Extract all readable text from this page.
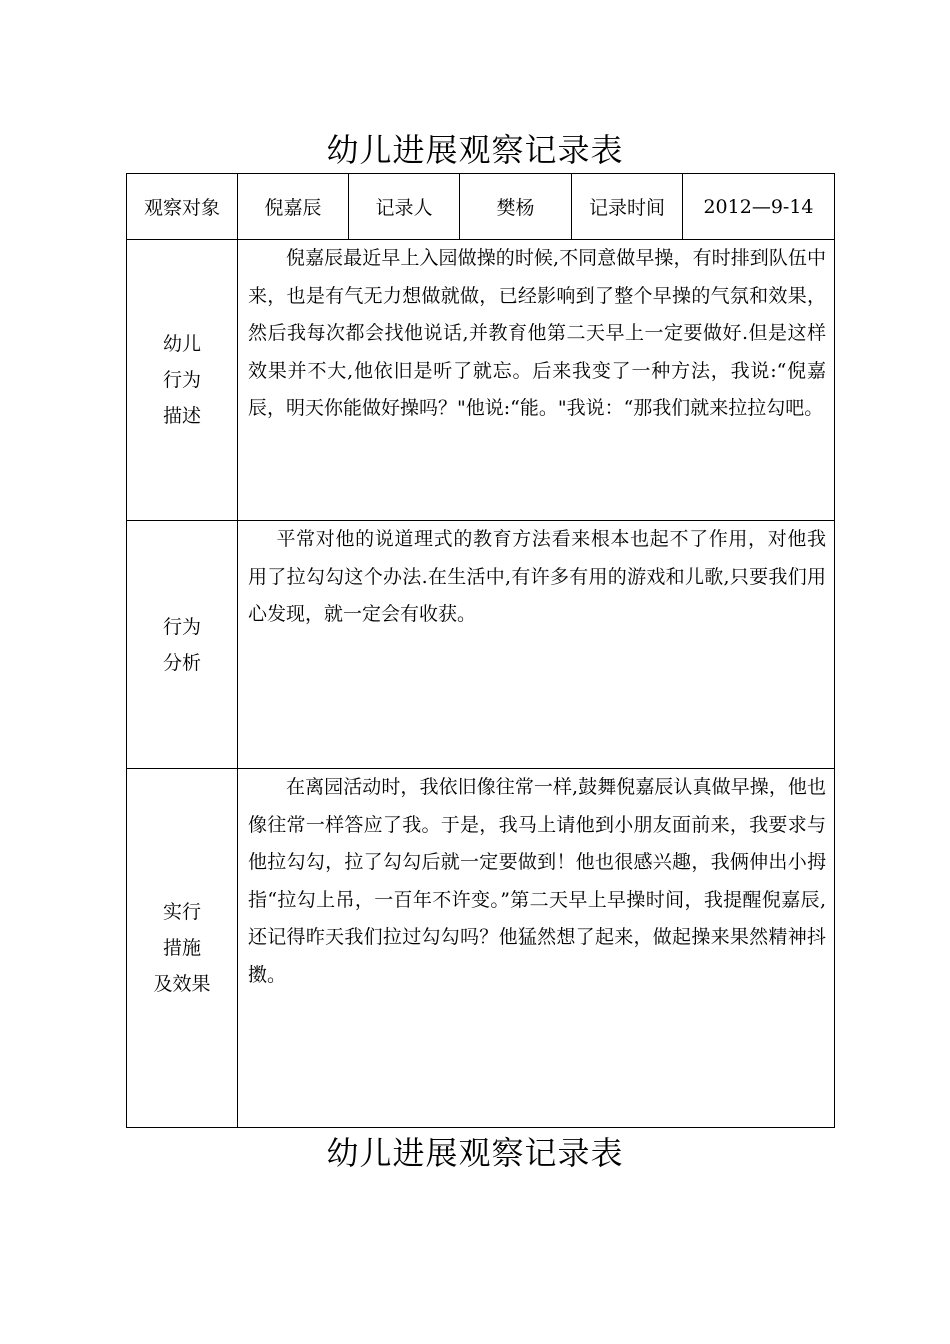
幼儿进展观察记录表
观察对象	倪嘉辰	记录人	樊杨	记录时间	2012—9-14

幼儿
行为
描述	倪嘉辰最近早上入园做操的时候,不同意做早操，有时排到队伍中来，也是有气无力想做就做，已经影响到了整个早操的气氛和效果，然后我每次都会找他说话,并教育他第二天早上一定要做好.但是这样效果并不大,他依旧是听了就忘。后来我变了一种方法，我说:“倪嘉辰，明天你能做好操吗？"他说:“能。"我说：“那我们就来拉拉勾吧。				

行为
分析	平常对他的说道理式的教育方法看来根本也起不了作用，对他我用了拉勾勾这个办法.在生活中,有许多有用的游戏和儿歌,只要我们用心发现，就一定会有收获。				

实行
措施
及效果	在离园活动时，我依旧像往常一样,鼓舞倪嘉辰认真做早操，他也像往常一样答应了我。于是，我马上请他到小朋友面前来，我要求与他拉勾勾，拉了勾勾后就一定要做到！他也很感兴趣，我俩伸出小拇指“拉勾上吊，一百年不许变。”第二天早上早操时间，我提醒倪嘉辰,还记得昨天我们拉过勾勾吗？他猛然想了起来，做起操来果然精神抖擞。				

幼儿进展观察记录表
